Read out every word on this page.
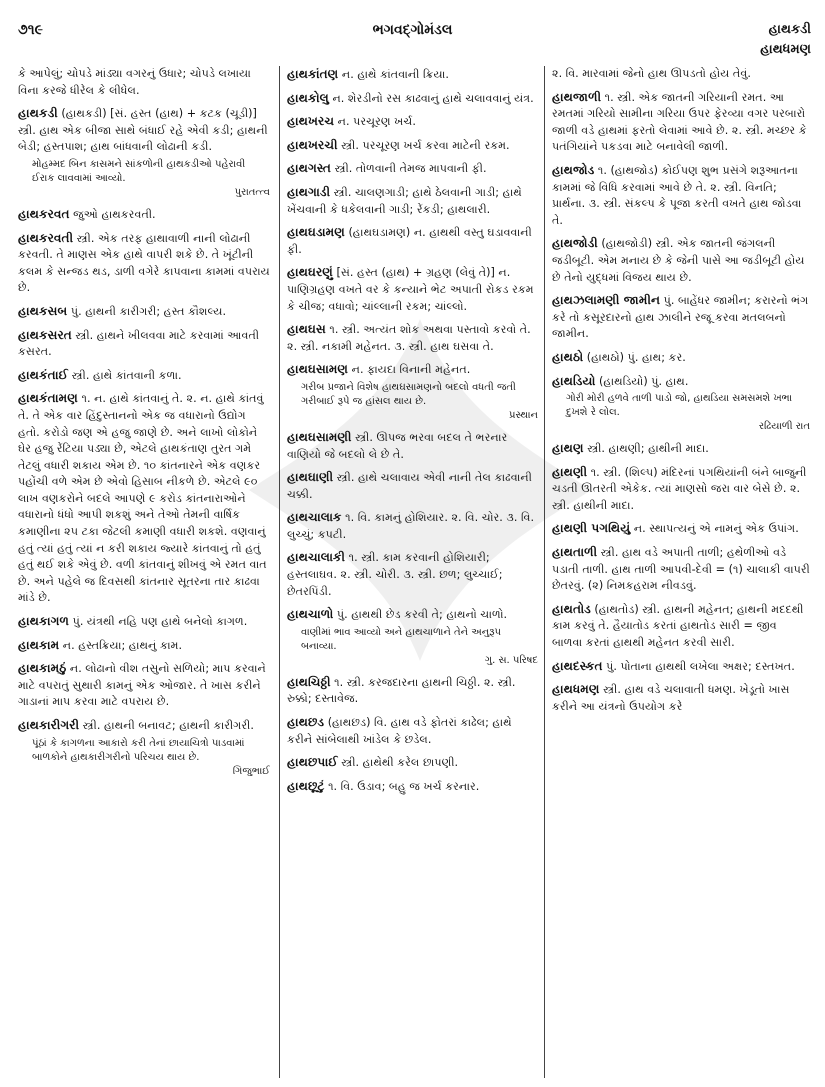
૭૧૯	ભગવદ્ગોમંડલ	હાથકડી
હાથધમણ
કે આપેલું; ચોપડે માંડ્યા વગરનું ઉધાર; ચોપડે લખાયા વિના કરજે ધીરેલ કે લીધેલ.
હાથકડી (હાથકડી) [સં. હસ્ત (હાથ) + કટક (ચૂડી)] સ્ત્રી. હાથ એક બીજા સાથે બંધાઈ રહે એવી કડી; હાથની બેડી; હસ્તપાશ; હાથ બાંધવાની લોઢાની કડી.
મોહમ્મદ બિન કાસમને સાંકળોની હાથકડીઓ પહેરાવી ઈરાક લાવવામાં આવ્યો.
પુરાતત્ત્વ
હાથકરવત જુઓ હાથકરવતી.
હાથકરવતી સ્ત્રી. એક તરફ હાથાવાળી નાની લોઢાની કરવતી. તે માણસ એક હાથે વાપરી શકે છે. તે ખૂંટીની કલમ કે સન્જડ થડ, ડાળી વગેરે કાપવાના કામમાં વપરાય છે.
હાથકસબ પું. હાથની કારીગરી; હસ્ત કૌશલ્ય.
હાથકસરત સ્ત્રી. હાથને ખીલવવા માટે કરવામાં આવતી કસરત.
હાથકંતાઈ સ્ત્રી. હાથે કાંતવાની કળા.
હાથકંતામણ ૧. ન. હાથે કાંતવાનું તે. ૨. ન. હાથે કાંતવું તે. તે એક વાર હિંદુસ્તાનનો એક જ વધારાનો ઉદ્યોગ હતો. કરોડો જણ એ હજુ જાણે છે. અને લાખો લોકોને ઘેર હજુ રેંટિયા પડ્યા છે, એટલે હાથકંતાણ તુરત ગમે તેટલું વધારી શકાય એમ છે. ૧૦ કાંતનારને એક વણકર પહોંચી વળે એમ છે એવો હિસાબ નીકળે છે. એટલે ૯૦ લાખ વણકરોને બદલે આપણે ૯ કરોડ કાંતનારાઓને વધારાનો ધંધો આપી શકશું અને તેઓ તેમની વાર્ષિક કમાણીના ૨૫ ટકા જેટલી કમાણી વધારી શકશે. વણવાનું હતું ત્યાં હતું ત્યાં ન કરી શકાય જ્યારે કાંતવાનું તો હતું હતું થઈ શકે એવું છે. વળી કાંતવાનું શીખવું એ રમત વાત છે. અને પહેલે જ દિવસથી કાંતનાર સૂતરના તાર કાઢવા માંડે છે.
હાથકાગળ પું. યંત્રથી નહિ પણ હાથે બનેલો કાગળ.
હાથકામ ન. હસ્તક્રિયા; હાથનું કામ.
હાથકામઠું ન. લોઢાનો વીશ તસુનો સળિયો; માપ કરવાને માટે વપરાતું સુથારી કામનું એક ઓજાર. તે ખાસ કરીને ગાડાનાં માપ કરવા માટે વપરાય છે.
હાથકારીગરી સ્ત્રી. હાથની બનાવટ; હાથની કારીગરી.
પૂંઠાં કે કાગળના આકારો કરી તેનાં છાયાચિત્રો પાડવામાં બાળકોને હાથકારીગરીનો પરિચય થાય છે.
ગિજુભાઈ
હાથકાંતણ ન. હાથે કાંતવાની ક્રિયા.
હાથકોલુ ન. શેરડીનો રસ કાઢવાનું હાથે ચલાવવાનું યંત્ર.
હાથખરચ ન. પરચૂરણ ખર્ચ.
હાથખરચી સ્ત્રી. પરચૂરણ ખર્ચ કરવા માટેની રકમ.
હાથગસ્ત સ્ત્રી. તોળવાની તેમજ માપવાની ફી.
હાથગાડી સ્ત્રી. ચાલણગાડી; હાથે ઠેલવાની ગાડી; હાથે ખેંચવાની કે ધકેલવાની ગાડી; રેંકડી; હાથલારી.
હાથઘડામણ (હાથઘડામણ) ન. હાથથી વસ્તુ ઘડાવવાની ફી.
હાથઘરણું [સં. હસ્ત (હાથ) + ગ્રહણ (લેવું તે)] ન. પાણિગ્રહણ વખતે વર કે કન્યાને ભેટ અપાતી રોકડ રકમ કે ચીજ; વધાવો; ચાંલ્લાની રકમ; ચાંલ્લો.
હાથઘસ ૧. સ્ત્રી. અત્યંત શોક અથવા પસ્તાવો કરવો તે. ૨. સ્ત્રી. નકામી મહેનત. ૩. સ્ત્રી. હાથ ઘસવા તે.
હાથઘસામણ ન. ફાયદા વિનાની મહેનત.
ગરીબ પ્રજાને વિશેષ હાથઘસામણનો બદલો વધતી જતી ગરીબાઈ રૂપે જ હાંસલ થાય છે.
પ્રસ્થાન
હાથઘસામણી સ્ત્રી. ઊપજ ભરવા બદલ તે ભરનાર વાણિયો જે બદલો લે છે તે.
હાથઘાણી સ્ત્રી. હાથે ચલાવાય એવી નાની તેલ કાઢવાની ચક્કી.
હાથચાલાક ૧. વિ. કામનું હોશિયાર. ૨. વિ. ચોર. ૩. વિ. લુચ્ચું; કપટી.
હાથચાલાકી ૧. સ્ત્રી. કામ કરવાની હોશિયારી; હસ્તલાઘવ. ૨. સ્ત્રી. ચોરી. ૩. સ્ત્રી. છળ; લુચ્ચાઈ; છેતરપિંડી.
હાથચાળો પું. હાથથી છેડ કરવી તે; હાથનો ચાળો.
વાણીમાં ભાવ આવ્યો અને હાથચાળાને તેને અનુરૂપ બનાવ્યા.
ગુ. સ. પરિષદ
હાથચિઠ્ઠી ૧. સ્ત્રી. કરજદારના હાથની ચિઠ્ઠી. ૨. સ્ત્રી. રુક્કો; દસ્તાવેજ.
હાથછડ (હાથછડ) વિ. હાથ વડે ફોતરાં કાઢેલ; હાથે કરીને સાંબેલાથી ખાંડેલ કે છડેલ.
હાથછપાઈ સ્ત્રી. હાથેથી કરેલ છાપણી.
હાથછૂટું ૧. વિ. ઉડાવ; બહુ જ ખર્ચ કરનાર.
૨. વિ. મારવામાં જેનો હાથ ઊપડતો હોય તેવું.
હાથજાળી ૧. સ્ત્રી. એક જાતની ગરિયાની રમત. આ રમતમાં ગરિયો સામીના ગરિયા ઉપર ફેરવ્યા વગર પરબારો જાળી વડે હાથમાં ફરતો લેવામાં આવે છે. ૨. સ્ત્રી. મચ્છર કે પતંગિયાંને પકડવા માટે બનાવેલી જાળી.
હાથજોડ ૧. (હાથજોડ) કોઈપણ શુભ પ્રસંગે શરૂઆતના કામમાં જે વિધિ કરવામાં આવે છે તે. ૨. સ્ત્રી. વિનતિ; પ્રાર્થના. ૩. સ્ત્રી. સંકલ્પ કે પૂજા કરતી વખતે હાથ જોડવા તે.
હાથજોડી (હાથજોડી) સ્ત્રી. એક જાતની જંગલની જડીબૂટી. એમ મનાય છે કે જેની પાસે આ જડીબૂટી હોય છે તેનો યુદ્ધમાં વિજય થાય છે.
હાથઝલામણી જામીન પું. બાહેંધર જામીન; કરારનો ભંગ કરે તો કસૂરદારનો હાથ ઝાલીને રજૂ કરવા મતલબનો જામીન.
હાથઠો (હાથઠો) પું. હાથ; કર.
હાથડિયો (હાથડિયો) પું. હાથ.
ગોરી મોરી હળવે તાળી પાડો જો, હાથડિયા સમસમશે ખભા દુખશે રે લોલ.
રઢિયાળી રાત
હાથણ સ્ત્રી. હાથણી; હાથીની માદા.
હાથણી ૧. સ્ત્રી. (શિલ્પ) મંદિરનાં પગથિયાંની બંને બાજુની ચડતી ઊતરતી એકેક. ત્યાં માણસો જરા વાર બેસે છે. ૨. સ્ત્રી. હાથીની માદા.
હાથણી પગથિયું ન. સ્થાપત્યનું એ નામનું એક ઉપાંગ.
હાથતાળી સ્ત્રી. હાથ વડે અપાતી તાળી; હથેળીઓ વડે પડાતી તાળી. હાથ તાળી આપવી-દેવી = (૧) ચાલાકી વાપરી છેતરવું. (૨) નિમકહરામ નીવડવું.
હાથતોડ (હાથતોડ) સ્ત્રી. હાથની મહેનત; હાથની મદદથી કામ કરવું તે. હૈયાતોડ કરતાં હાથતોડ સારી = જીવ બાળવા કરતાં હાથથી મહેનત કરવી સારી.
હાથદસ્કત પું. પોતાના હાથથી લખેલા અક્ષર; દસ્તખત.
હાથધમણ સ્ત્રી. હાથ વડે ચલાવાતી ધમણ. ખેડૂતો ખાસ કરીને આ યંત્રનો ઉપયોગ કરે
